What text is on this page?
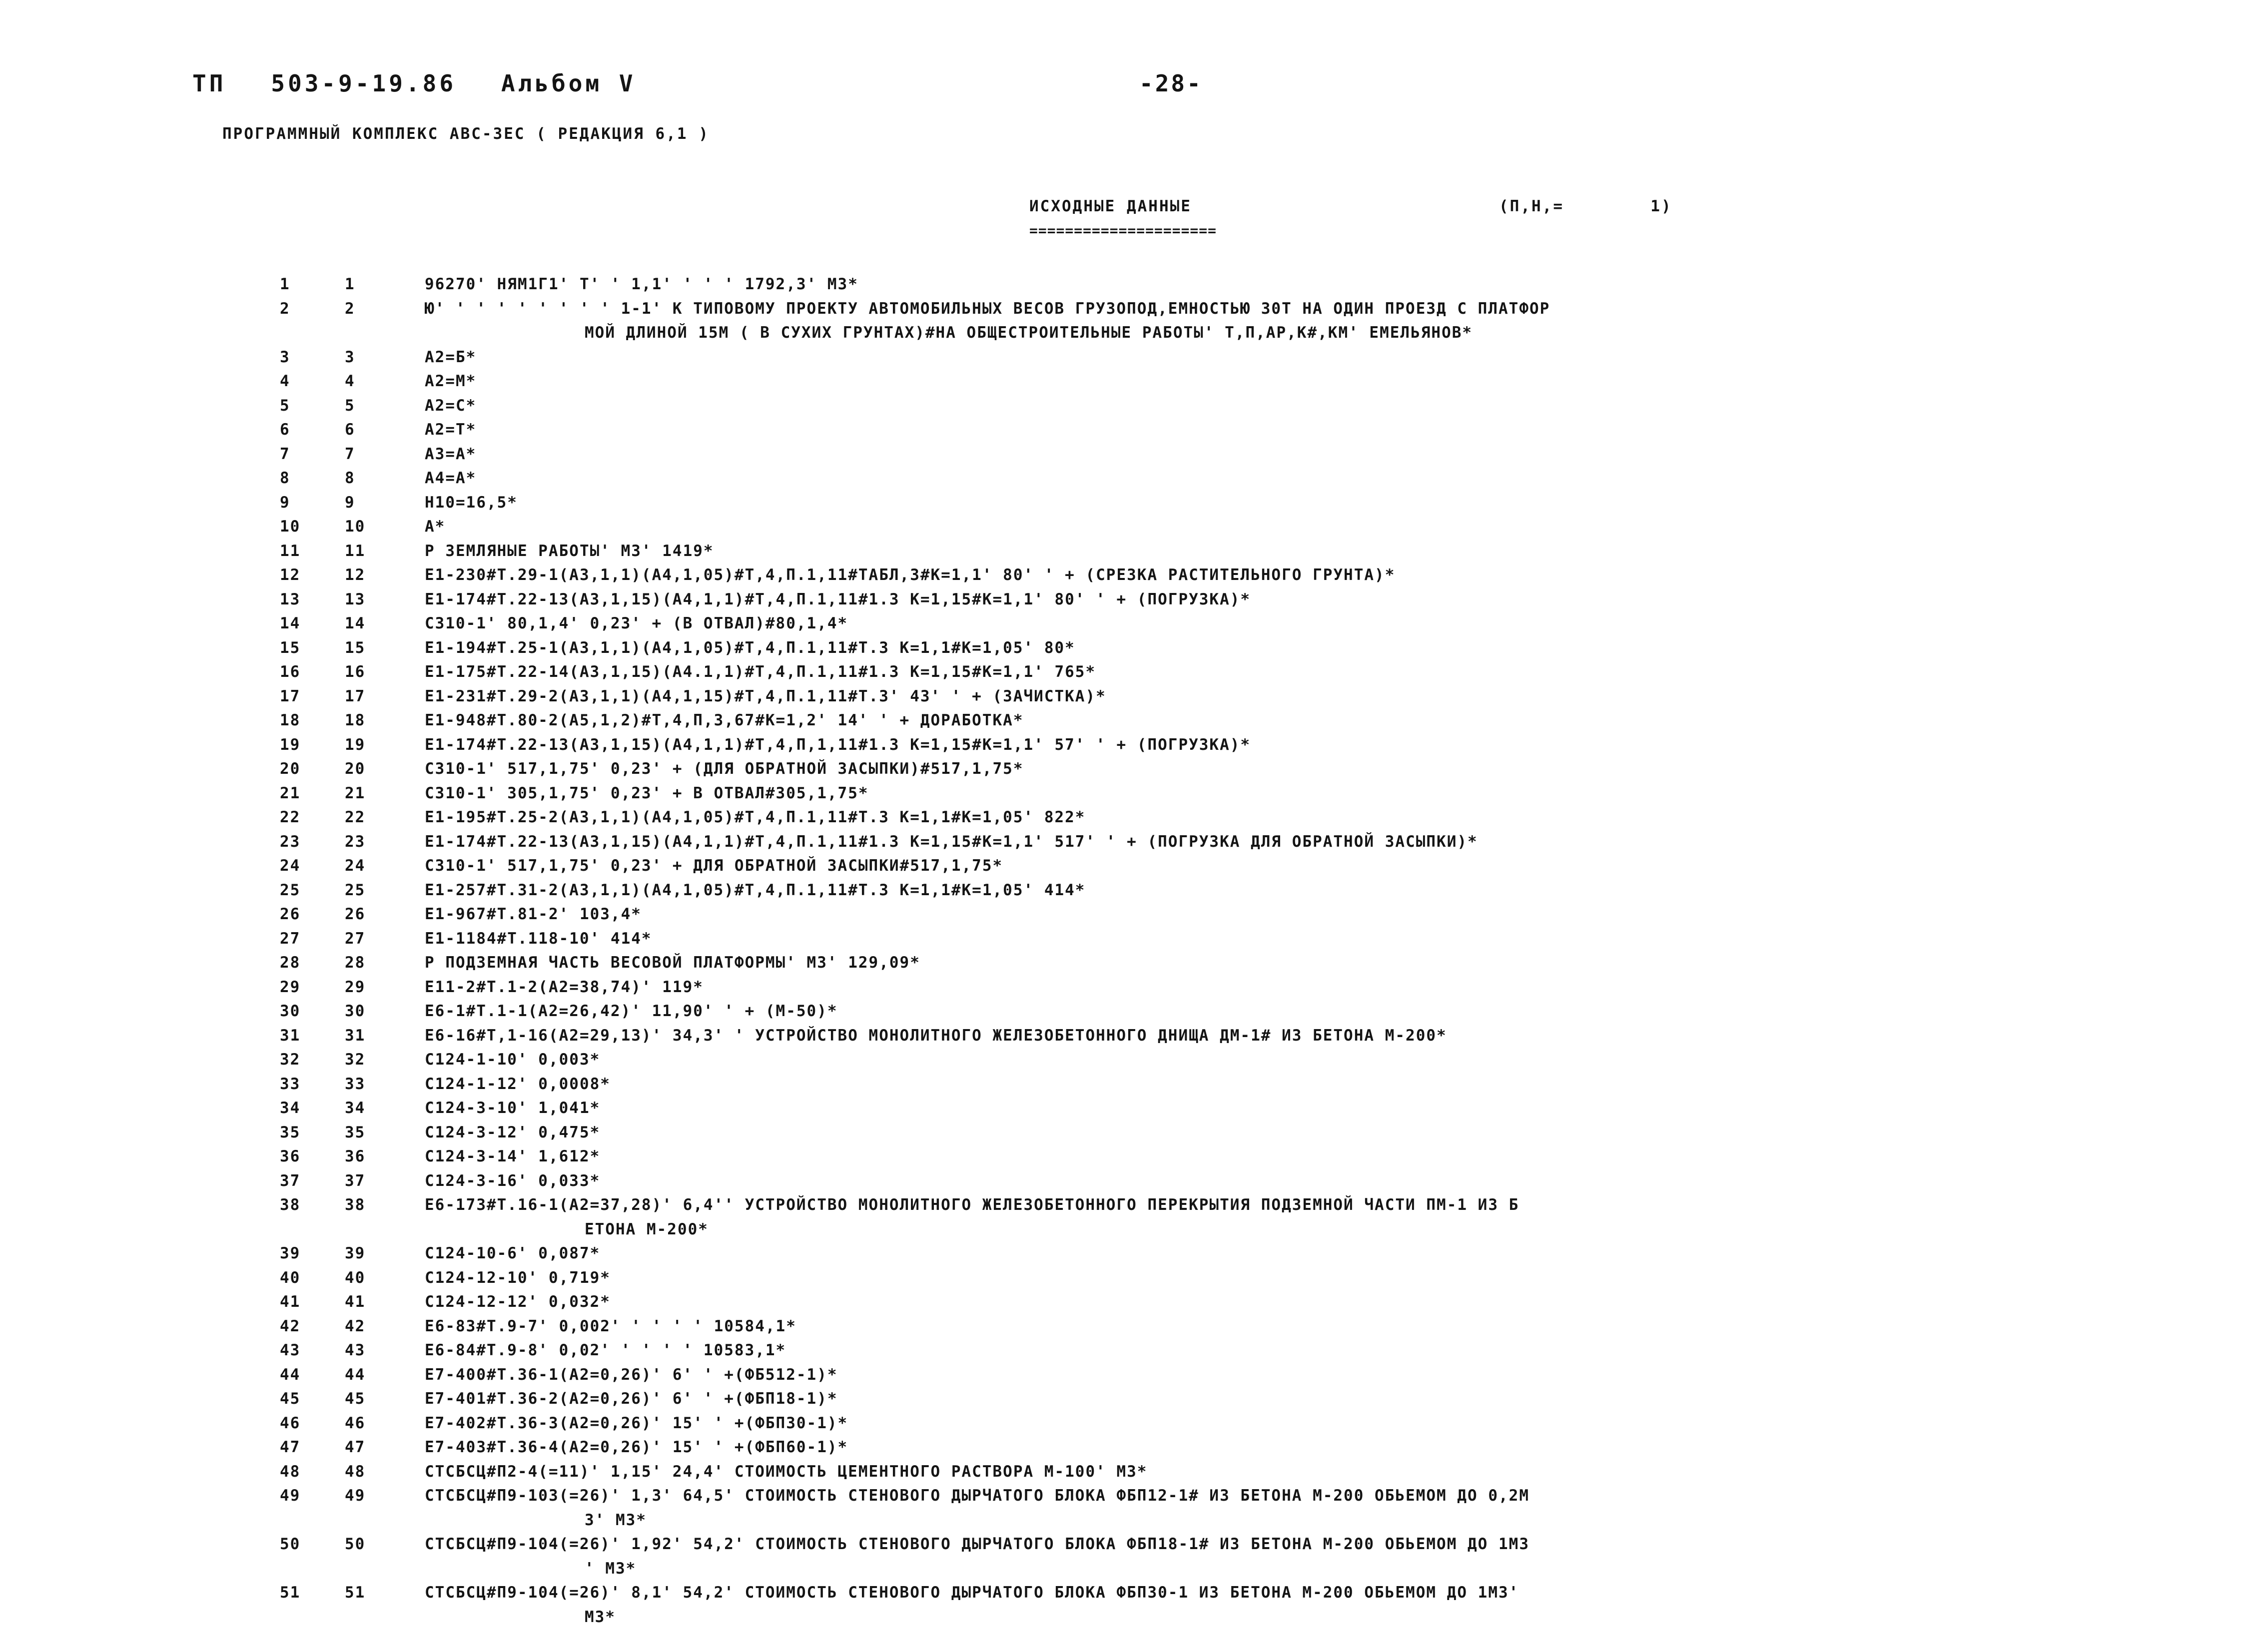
ТП 503-9-19.86 Альбом V	-28-
ПРОГРАММНЫЙ КОМПЛЕКС АВС-3ЕС ( РЕДАКЦИЯ 6,1 )
ИСХОДНЫЕ ДАННЫЕ
=====================
(П,Н,=        1)
1	1	96270' НЯМ1Г1' Т' ' 1,1' ' ' ' 1792,3' М3*
2	2	Ю' ' ' ' ' ' ' ' ' 1-1' К ТИПОВОМУ ПРОЕКТУ АВТОМОБИЛЬНЫХ ВЕСОВ ГРУЗОПОД,ЕМНОСТЬЮ 30Т НА ОДИН ПРОЕЗД С ПЛАТФОР
МОЙ ДЛИНОЙ 15М ( В СУХИХ ГРУНТАХ)#НА ОБЩЕСТРОИТЕЛЬНЫЕ РАБОТЫ' Т,П,АР,К#,КМ' ЕМЕЛЬЯНОВ*
3	3	А2=Б*
4	4	А2=М*
5	5	А2=С*
6	6	А2=Т*
7	7	А3=А*
8	8	А4=А*
9	9	Н10=16,5*
10	10	А*
11	11	Р ЗЕМЛЯНЫЕ РАБОТЫ' М3' 1419*
12	12	Е1-230#Т.29-1(А3,1,1)(А4,1,05)#Т,4,П.1,11#ТАБЛ,3#К=1,1' 80' ' + (СРЕЗКА РАСТИТЕЛЬНОГО ГРУНТА)*
13	13	Е1-174#Т.22-13(А3,1,15)(А4,1,1)#Т,4,П.1,11#1.3 К=1,15#К=1,1' 80' ' + (ПОГРУЗКА)*
14	14	С310-1' 80,1,4' 0,23' + (В ОТВАЛ)#80,1,4*
15	15	Е1-194#Т.25-1(А3,1,1)(А4,1,05)#Т,4,П.1,11#Т.3 К=1,1#К=1,05' 80*
16	16	Е1-175#Т.22-14(А3,1,15)(А4.1,1)#Т,4,П.1,11#1.3 К=1,15#К=1,1' 765*
17	17	Е1-231#Т.29-2(А3,1,1)(А4,1,15)#Т,4,П.1,11#Т.3' 43' ' + (ЗАЧИСТКА)*
18	18	Е1-948#Т.80-2(А5,1,2)#Т,4,П,3,67#К=1,2' 14' ' + ДОРАБОТКА*
19	19	Е1-174#Т.22-13(А3,1,15)(А4,1,1)#Т,4,П,1,11#1.3 К=1,15#К=1,1' 57' ' + (ПОГРУЗКА)*
20	20	С310-1' 517,1,75' 0,23' + (ДЛЯ ОБРАТНОЙ ЗАСЫПКИ)#517,1,75*
21	21	С310-1' 305,1,75' 0,23' + В ОТВАЛ#305,1,75*
22	22	Е1-195#Т.25-2(А3,1,1)(А4,1,05)#Т,4,П.1,11#Т.3 К=1,1#К=1,05' 822*
23	23	Е1-174#Т.22-13(А3,1,15)(А4,1,1)#Т,4,П.1,11#1.3 К=1,15#К=1,1' 517' ' + (ПОГРУЗКА ДЛЯ ОБРАТНОЙ ЗАСЫПКИ)*
24	24	С310-1' 517,1,75' 0,23' + ДЛЯ ОБРАТНОЙ ЗАСЫПКИ#517,1,75*
25	25	Е1-257#Т.31-2(А3,1,1)(А4,1,05)#Т,4,П.1,11#Т.3 К=1,1#К=1,05' 414*
26	26	Е1-967#Т.81-2' 103,4*
27	27	Е1-1184#Т.118-10' 414*
28	28	Р ПОДЗЕМНАЯ ЧАСТЬ ВЕСОВОЙ ПЛАТФОРМЫ' М3' 129,09*
29	29	Е11-2#Т.1-2(А2=38,74)' 119*
30	30	Е6-1#Т.1-1(А2=26,42)' 11,90' ' + (М-50)*
31	31	Е6-16#Т,1-16(А2=29,13)' 34,3' ' УСТРОЙСТВО МОНОЛИТНОГО ЖЕЛЕЗОБЕТОННОГО ДНИЩА ДМ-1# ИЗ БЕТОНА М-200*
32	32	С124-1-10' 0,003*
33	33	С124-1-12' 0,0008*
34	34	С124-3-10' 1,041*
35	35	С124-3-12' 0,475*
36	36	С124-3-14' 1,612*
37	37	С124-3-16' 0,033*
38	38	Е6-173#Т.16-1(А2=37,28)' 6,4'' УСТРОЙСТВО МОНОЛИТНОГО ЖЕЛЕЗОБЕТОННОГО ПЕРЕКРЫТИЯ ПОДЗЕМНОЙ ЧАСТИ ПМ-1 ИЗ Б
ЕТОНА М-200*
39	39	С124-10-6' 0,087*
40	40	С124-12-10' 0,719*
41	41	С124-12-12' 0,032*
42	42	Е6-83#Т.9-7' 0,002' ' ' ' ' 10584,1*
43	43	Е6-84#Т.9-8' 0,02' ' ' ' ' 10583,1*
44	44	Е7-400#Т.36-1(А2=0,26)' 6' ' +(ФБ512-1)*
45	45	Е7-401#Т.36-2(А2=0,26)' 6' ' +(ФБП18-1)*
46	46	Е7-402#Т.36-3(А2=0,26)' 15' ' +(ФБП30-1)*
47	47	Е7-403#Т.36-4(А2=0,26)' 15' ' +(ФБП60-1)*
48	48	СТСБСЦ#П2-4(=11)' 1,15' 24,4' СТОИМОСТЬ ЦЕМЕНТНОГО РАСТВОРА М-100' М3*
49	49	СТСБСЦ#П9-103(=26)' 1,3' 64,5' СТОИМОСТЬ СТЕНОВОГО ДЫРЧАТОГО БЛОКА ФБП12-1# ИЗ БЕТОНА М-200 ОБЬЕМОМ ДО 0,2М
3' М3*
50	50	СТСБСЦ#П9-104(=26)' 1,92' 54,2' СТОИМОСТЬ СТЕНОВОГО ДЫРЧАТОГО БЛОКА ФБП18-1# ИЗ БЕТОНА М-200 ОБЬЕМОМ ДО 1М3
' М3*
51	51	СТСБСЦ#П9-104(=26)' 8,1' 54,2' СТОИМОСТЬ СТЕНОВОГО ДЫРЧАТОГО БЛОКА ФБП30-1 ИЗ БЕТОНА М-200 ОБЬЕМОМ ДО 1М3'
М3*
